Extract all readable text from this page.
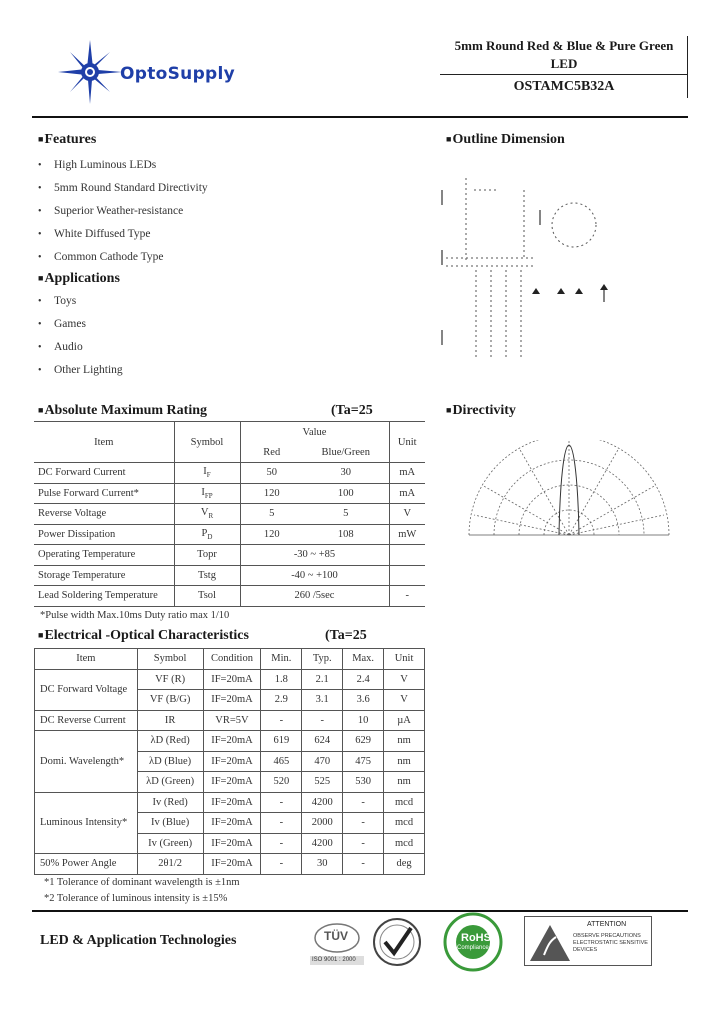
OptoSupply
5mm Round Red & Blue & Pure Green
LED
OSTAMC5B32A
■Features
• High Luminous LEDs
• 5mm Round Standard Directivity
• Superior Weather-resistance
• White Diffused Type
• Common Cathode Type
■Applications
• Toys
• Games
• Audio
• Other Lighting
■Outline Dimension
■Absolute Maximum Rating	(Ta=25
Item	Symbol	Value		Unit
		Red	Blue/Green	
DC Forward Current	$I_F$	50	30	mA
Pulse Forward Current*	$I_{FP}$	120	100	mA
Reverse Voltage	$V_R$	5	5	V
Power Dissipation	$P_D$	120	108	mW
Operating Temperature	Topr	-30 ~ +85		
Storage Temperature	Tstg	-40 ~ +100		
Lead Soldering Temperature	Tsol	260 /5sec		-
*Pulse width Max.10ms Duty ratio max 1/10
■Directivity
■Electrical -Optical Characteristics	(Ta=25
Item	Symbol	Condition	Min.	Typ.	Max.	Unit
DC Forward Voltage	VF (R)	IF=20mA	1.8	2.1	2.4	V
	VF (B/G)	IF=20mA	2.9	3.1	3.6	V
DC Reverse Current	IR	VR=5V	-	-	10	µA
Domi. Wavelength*	λD (Red)	IF=20mA	619	624	629	nm
	λD (Blue)	IF=20mA	465	470	475	nm
	λD (Green)	IF=20mA	520	525	530	nm
Luminous Intensity*	Iv (Red)	IF=20mA	-	4200	-	mcd
	Iv (Blue)	IF=20mA	-	2000	-	mcd
	Iv (Green)	IF=20mA	-	4200	-	mcd
50% Power Angle	2θ1/2	IF=20mA	-	30	-	deg
*1 Tolerance of dominant wavelength is ±1nm
*2 Tolerance of luminous intensity is ±15%
LED & Application Technologies	TÜV
ISO 9001 : 2000
RoHS
Compliance
ATTENTION
OBSERVE PRECAUTIONS ELECTROSTATIC SENSITIVE DEVICES
